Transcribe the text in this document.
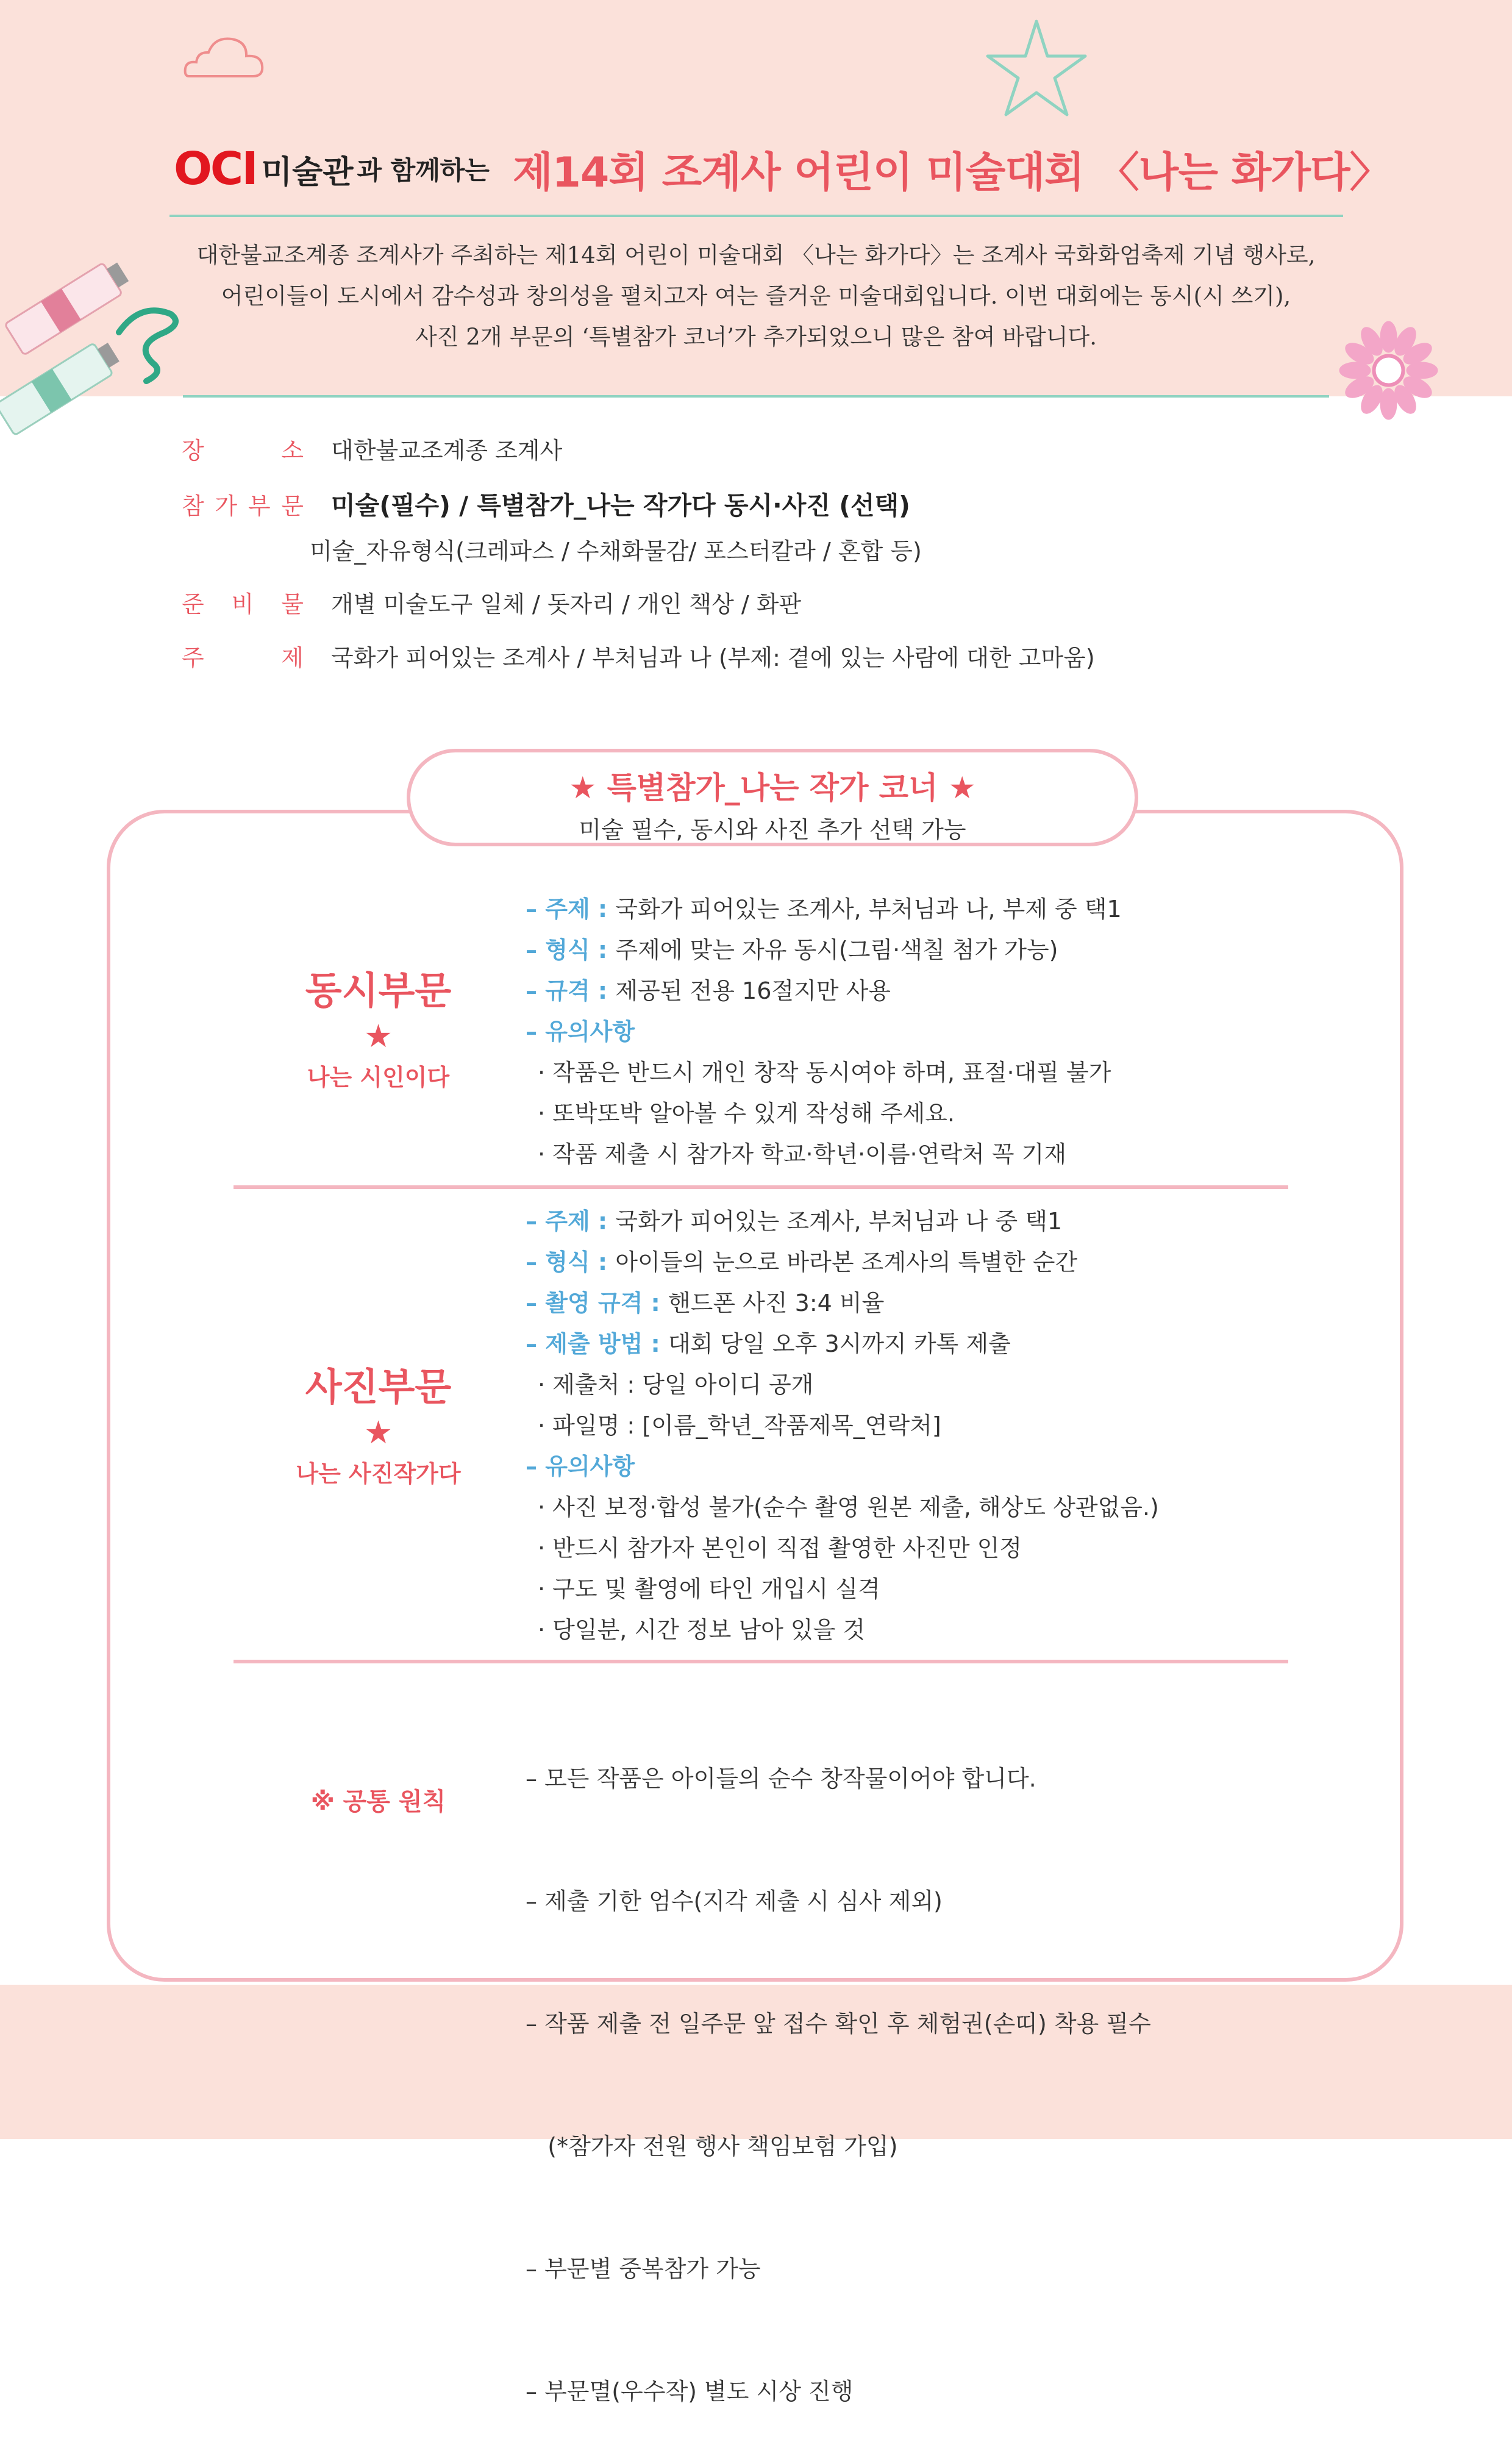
OCI 미술관 과 함께하는 제14회 조계사 어린이 미술대회 〈나는 화가다〉
대한불교조계종 조계사가 주최하는 제14회 어린이 미술대회 〈나는 화가다〉는 조계사 국화화엄축제 기념 행사로,
어린이들이 도시에서 감수성과 창의성을 펼치고자 여는 즐거운 미술대회입니다. 이번 대회에는 동시(시 쓰기),
사진 2개 부문의 ‘특별참가 코너’가 추가되었으니 많은 참여 바랍니다.
장	소 대한불교조계종 조계사
참 가 부 문 미술(필수) / 특별참가_나는 작가다 동시·사진 (선택)
미술_자유형식(크레파스 / 수채화물감/ 포스터칼라 / 혼합 등)
준 비 물 개별 미술도구 일체 / 돗자리 / 개인 책상 / 화판
주	제 국화가 피어있는 조계사 / 부처님과 나 (부제: 곁에 있는 사람에 대한 고마움)
★ 특별참가_나는 작가 코너 ★
미술 필수, 동시와 사진 추가 선택 가능
동시부문
★
나는 시인이다
– 주제 : 국화가 피어있는 조계사, 부처님과 나, 부제 중 택1
– 형식 : 주제에 맞는 자유 동시(그림·색칠 첨가 가능)
– 규격 : 제공된 전용 16절지만 사용
– 유의사항
· 작품은 반드시 개인 창작 동시여야 하며, 표절·대필 불가
· 또박또박 알아볼 수 있게 작성해 주세요.
· 작품 제출 시 참가자 학교·학년·이름·연락처 꼭 기재
사진부문
★
나는 사진작가다
– 주제 : 국화가 피어있는 조계사, 부처님과 나 중 택1
– 형식 : 아이들의 눈으로 바라본 조계사의 특별한 순간
– 촬영 규격 : 핸드폰 사진 3:4 비율
– 제출 방법 : 대회 당일 오후 3시까지 카톡 제출
· 제출처 : 당일 아이디 공개
· 파일명 : [이름_학년_작품제목_연락처]
– 유의사항
· 사진 보정·합성 불가(순수 촬영 원본 제출, 해상도 상관없음.)
· 반드시 참가자 본인이 직접 촬영한 사진만 인정
· 구도 및 촬영에 타인 개입시 실격
· 당일분, 시간 정보 남아 있을 것
※ 공통 원칙

– 모든 작품은 아이들의 순수 창작물이어야 합니다.

– 제출 기한 엄수(지각 제출 시 심사 제외)

– 작품 제출 전 일주문 앞 접수 확인 후 체험권(손띠) 착용 필수

(*참가자 전원 행사 책임보험 가입)

– 부문별 중복참가 가능

– 부문멸(우수작) 별도 시상 진행
